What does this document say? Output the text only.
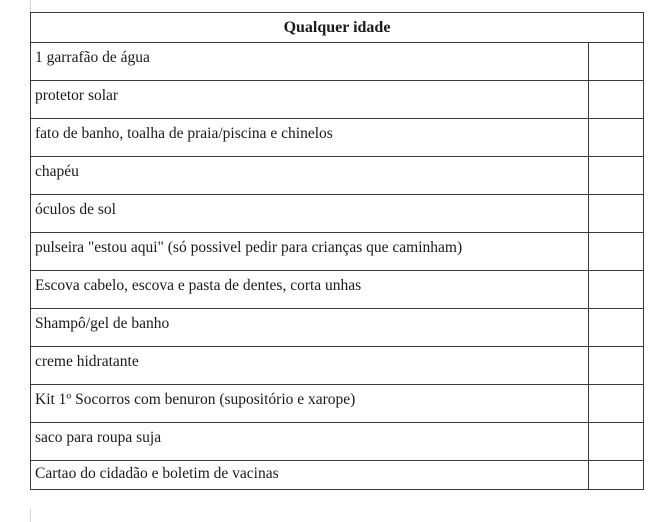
Qualquer idade	
1 garrafão de água	
protetor solar	
fato de banho, toalha de praia/piscina e chinelos	
chapéu	
óculos de sol	
pulseira "estou aqui" (só possivel pedir para crianças que caminham)	
Escova cabelo, escova e pasta de dentes, corta unhas	
Shampô/gel de banho	
creme hidratante	
Kit 1º Socorros com benuron (supositório e xarope)	
saco para roupa suja	
Cartao do cidadão e boletim de vacinas	
